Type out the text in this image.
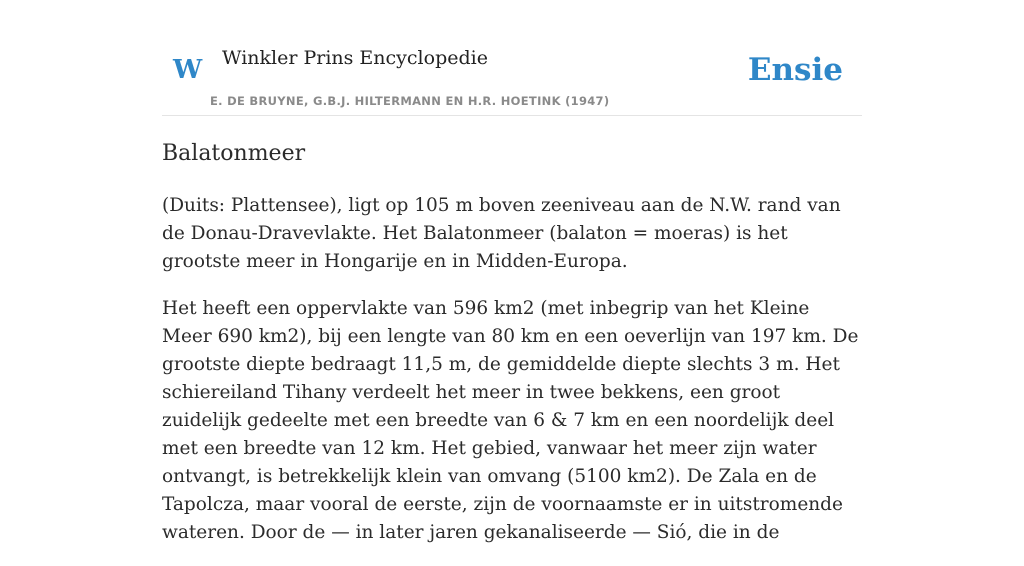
W Winkler Prins Encyclopedie
E. DE BRUYNE, G.B.J. HILTERMANN EN H.R. HOETINK (1947)
Ensie
Balatonmeer

(Duits: Plattensee), ligt op 105 m boven zeeniveau aan de N.W. rand van de Donau-Dravevlakte. Het Balatonmeer (balaton = moeras) is het grootste meer in Hongarije en in Midden-Europa.

Het heeft een oppervlakte van 596 km2 (met inbegrip van het Kleine Meer 690 km2), bij een lengte van 80 km en een oeverlijn van 197 km. De grootste diepte bedraagt 11,5 m, de gemiddelde diepte slechts 3 m. Het schiereiland Tihany verdeelt het meer in twee bekkens, een groot zuidelijk gedeelte met een breedte van 6 & 7 km en een noordelijk deel met een breedte van 12 km. Het gebied, vanwaar het meer zijn water ontvangt, is betrekkelijk klein van omvang (5100 km2). De Zala en de Tapolcza, maar vooral de eerste, zijn de voornaamste er in uitstromende wateren. Door de — in later jaren gekanaliseerde — Sió, die in de
